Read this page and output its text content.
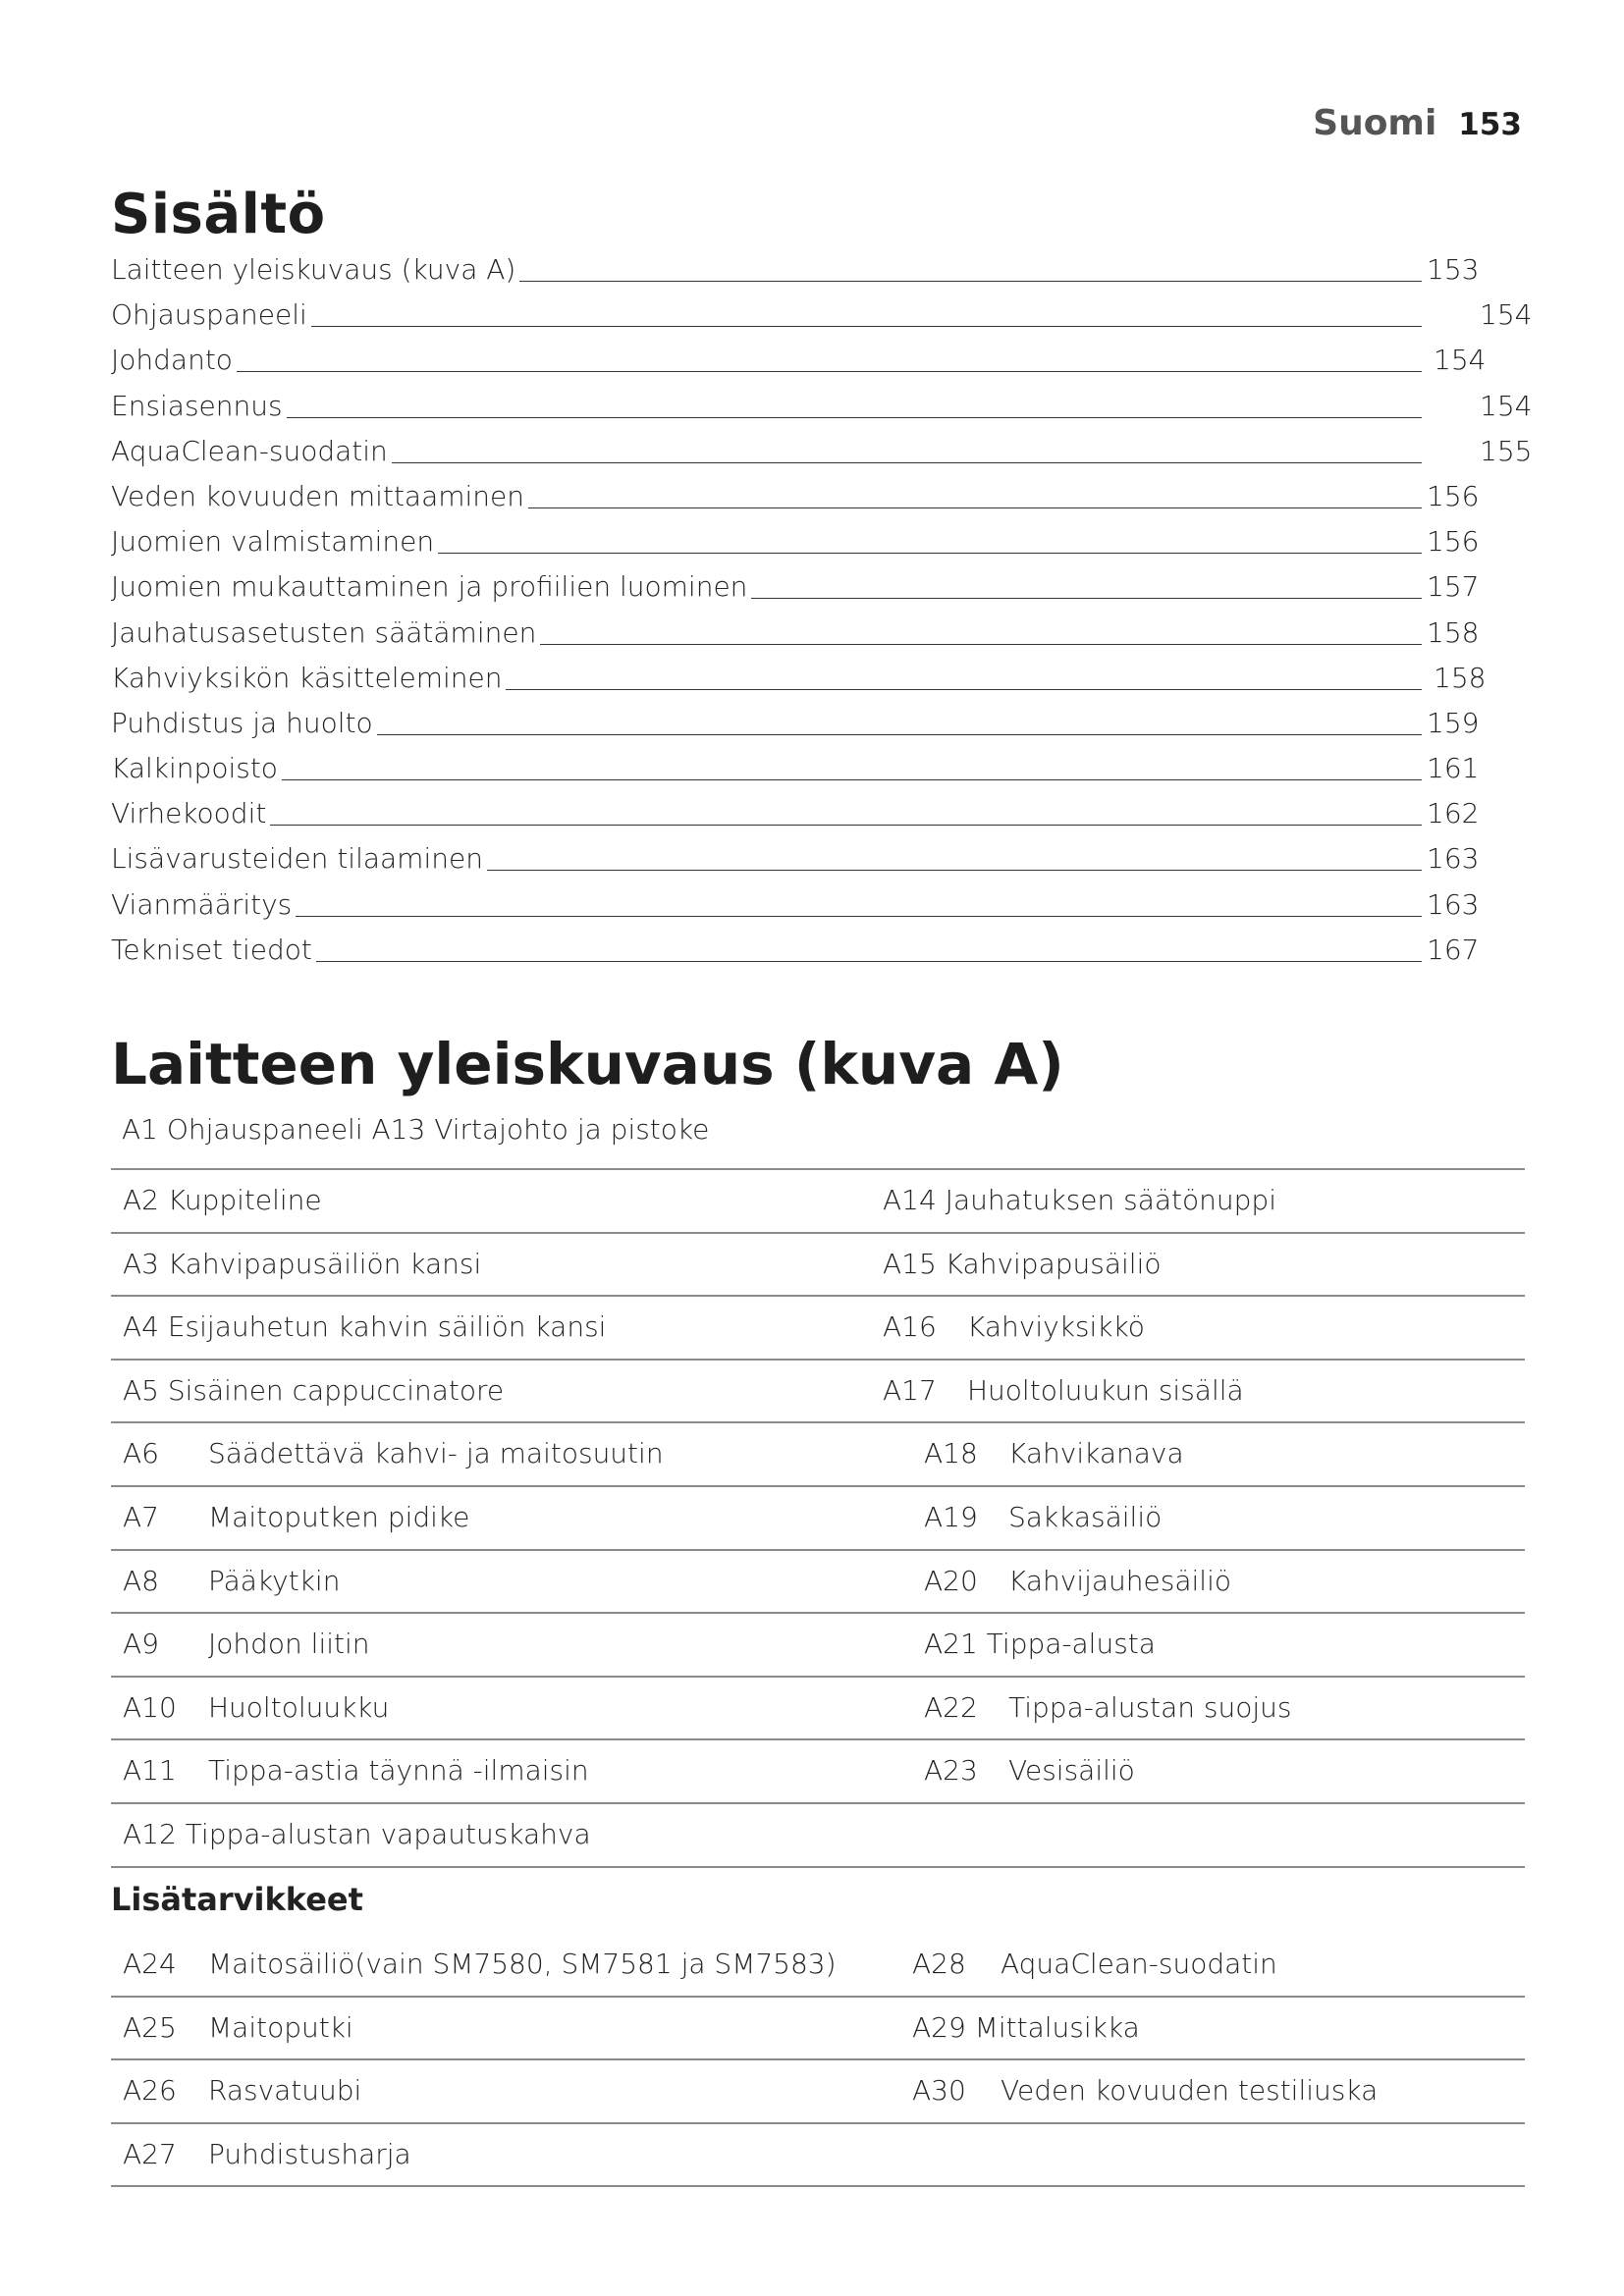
Suomi 153
Sisältö
Laitteen yleiskuvaus (kuva A)	153
Ohjauspaneeli	154
Johdanto	154
Ensiasennus	154
AquaClean-suodatin	155
Veden kovuuden mittaaminen	156
Juomien valmistaminen	156
Juomien mukauttaminen ja profiilien luominen	157
Jauhatusasetusten säätäminen	158
Kahviyksikön käsitteleminen	158
Puhdistus ja huolto	159
Kalkinpoisto	161
Virhekoodit	162
Lisävarusteiden tilaaminen	163
Vianmääritys	163
Tekniset tiedot	167
Laitteen yleiskuvaus (kuva A)
A1 Ohjauspaneeli A13 Virtajohto ja pistoke
A2 Kuppiteline	A14 Jauhatuksen säätönuppi
A3 Kahvipapusäiliön kansi	A15 Kahvipapusäiliö
A4 Esijauhetun kahvin säiliön kansi	A16 Kahviyksikkö
A5 Sisäinen cappuccinatore	A17 Huoltoluukun sisällä
A6 Säädettävä kahvi- ja maitosuutin	A18 Kahvikanava
A7 Maitoputken pidike	A19 Sakkasäiliö
A8 Pääkytkin	A20 Kahvijauhesäiliö
A9 Johdon liitin	A21 Tippa-alusta
A10 Huoltoluukku	A22 Tippa-alustan suojus
A11 Tippa-astia täynnä -ilmaisin	A23 Vesisäiliö
A12 Tippa-alustan vapautuskahva
Lisätarvikkeet
A24 Maitosäiliö(vain SM7580, SM7581 ja SM7583)	A28 AquaClean-suodatin
A25 Maitoputki	A29 Mittalusikka
A26 Rasvatuubi	A30 Veden kovuuden testiliuska
A27 Puhdistusharja
